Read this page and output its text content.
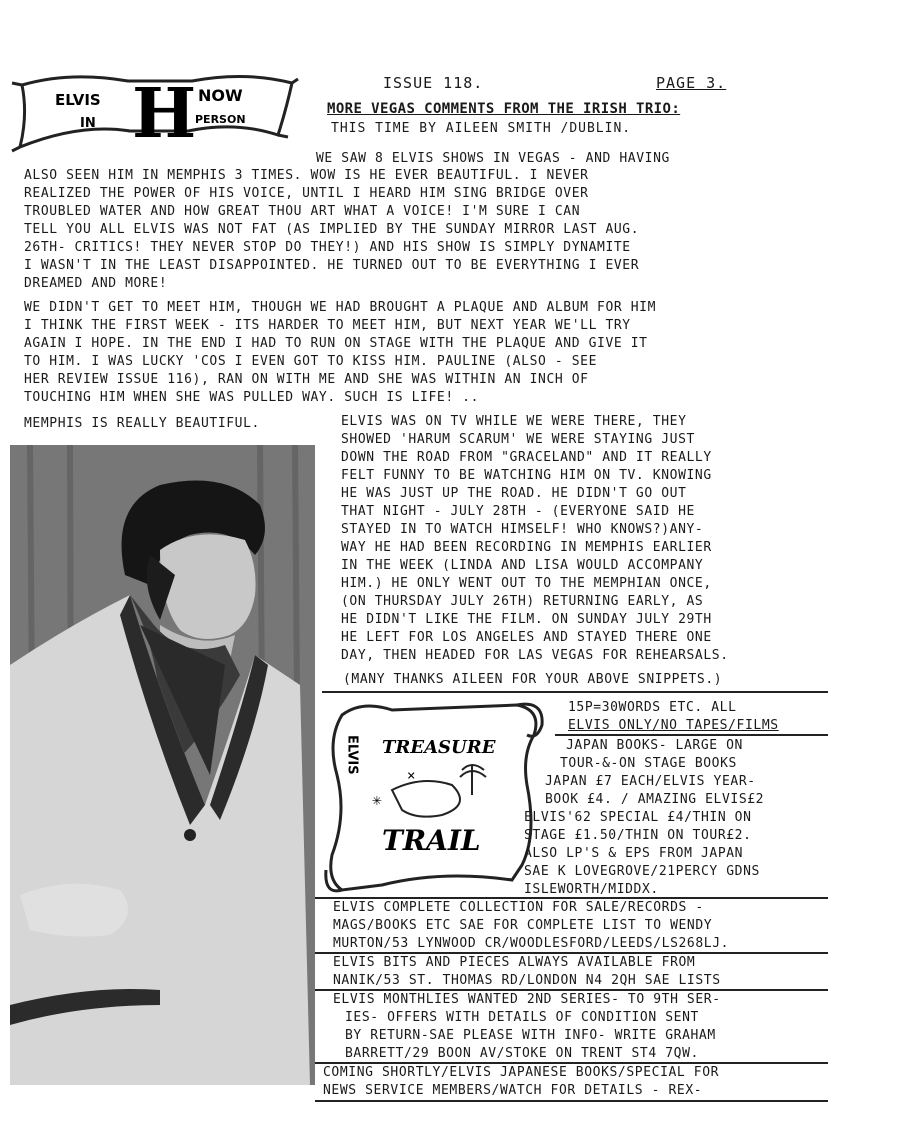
ELVIS
IN H NOW
PERSON
ISSUE 118.	PAGE 3.
MORE VEGAS COMMENTS FROM THE IRISH TRIO:
THIS TIME BY AILEEN SMITH /DUBLIN.
WE SAW 8 ELVIS SHOWS IN VEGAS - AND HAVING
ALSO SEEN HIM IN MEMPHIS 3 TIMES. WOW IS HE EVER BEAUTIFUL. I NEVER
REALIZED THE POWER OF HIS VOICE, UNTIL I HEARD HIM SING BRIDGE OVER
TROUBLED WATER AND HOW GREAT THOU ART WHAT A VOICE! I'M SURE I CAN
TELL YOU ALL ELVIS WAS NOT FAT (AS IMPLIED BY THE SUNDAY MIRROR LAST AUG.
26TH- CRITICS! THEY NEVER STOP DO THEY!) AND HIS SHOW IS SIMPLY DYNAMITE
I WASN'T IN THE LEAST DISAPPOINTED. HE TURNED OUT TO BE EVERYTHING I EVER
DREAMED AND MORE!
WE DIDN'T GET TO MEET HIM, THOUGH WE HAD BROUGHT A PLAQUE AND ALBUM FOR HIM
I THINK THE FIRST WEEK - ITS HARDER TO MEET HIM, BUT NEXT YEAR WE'LL TRY
AGAIN I HOPE. IN THE END I HAD TO RUN ON STAGE WITH THE PLAQUE AND GIVE IT
TO HIM. I WAS LUCKY 'COS I EVEN GOT TO KISS HIM. PAULINE (ALSO - SEE
HER REVIEW ISSUE 116), RAN ON WITH ME AND SHE WAS WITHIN AN INCH OF
TOUCHING HIM WHEN SHE WAS PULLED WAY. SUCH IS LIFE! ..
MEMPHIS IS REALLY BEAUTIFUL.	ELVIS WAS ON TV WHILE WE WERE THERE, THEY
SHOWED 'HARUM SCARUM' WE WERE STAYING JUST
DOWN THE ROAD FROM "GRACELAND" AND IT REALLY
FELT FUNNY TO BE WATCHING HIM ON TV. KNOWING
HE WAS JUST UP THE ROAD. HE DIDN'T GO OUT
THAT NIGHT - JULY 28TH - (EVERYONE SAID HE
STAYED IN TO WATCH HIMSELF! WHO KNOWS?)ANY-
WAY HE HAD BEEN RECORDING IN MEMPHIS EARLIER
IN THE WEEK (LINDA AND LISA WOULD ACCOMPANY
HIM.) HE ONLY WENT OUT TO THE MEMPHIAN ONCE,
(ON THURSDAY JULY 26TH) RETURNING EARLY, AS
HE DIDN'T LIKE THE FILM. ON SUNDAY JULY 29TH
HE LEFT FOR LOS ANGELES AND STAYED THERE ONE
DAY, THEN HEADED FOR LAS VEGAS FOR REHEARSALS.
(MANY THANKS AILEEN FOR YOUR ABOVE SNIPPETS.)
TREASURE
TRAIL
ELVIS
×
✳
15P=30WORDS ETC. ALL
ELVIS ONLY/NO TAPES/FILMS
JAPAN BOOKS- LARGE ON
TOUR-&-ON STAGE BOOKS
JAPAN £7 EACH/ELVIS YEAR-
BOOK £4. / AMAZING ELVIS£2
ELVIS'62 SPECIAL £4/THIN ON
STAGE £1.50/THIN ON TOUR£2.
ALSO LP'S & EPS FROM JAPAN
SAE K LOVEGROVE/21PERCY GDNS
ISLEWORTH/MIDDX.
ELVIS COMPLETE COLLECTION FOR SALE/RECORDS -
MAGS/BOOKS ETC SAE FOR COMPLETE LIST TO WENDY
MURTON/53 LYNWOOD CR/WOODLESFORD/LEEDS/LS268LJ.
ELVIS BITS AND PIECES ALWAYS AVAILABLE FROM
NANIK/53 ST. THOMAS RD/LONDON N4 2QH SAE LISTS
ELVIS MONTHLIES WANTED 2ND SERIES- TO 9TH SER-
IES- OFFERS WITH DETAILS OF CONDITION SENT
BY RETURN-SAE PLEASE WITH INFO- WRITE GRAHAM
BARRETT/29 BOON AV/STOKE ON TRENT ST4 7QW.
COMING SHORTLY/ELVIS JAPANESE BOOKS/SPECIAL FOR
NEWS SERVICE MEMBERS/WATCH FOR DETAILS - REX-
